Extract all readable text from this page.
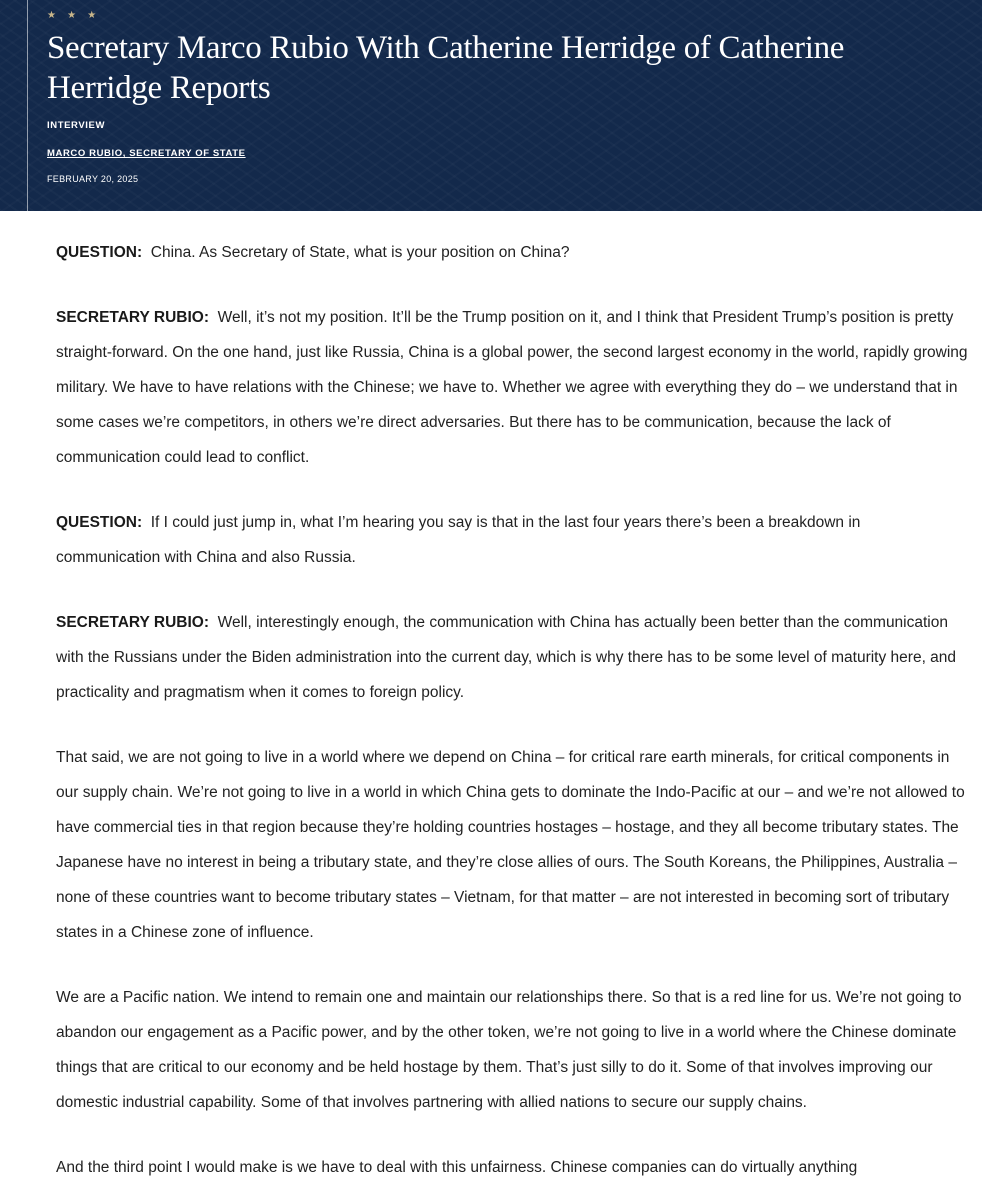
★ ★ ★
Secretary Marco Rubio With Catherine Herridge of Catherine Herridge Reports
INTERVIEW
MARCO RUBIO, SECRETARY OF STATE
FEBRUARY 20, 2025

QUESTION: China. As Secretary of State, what is your position on China?

SECRETARY RUBIO: Well, it’s not my position. It’ll be the Trump position on it, and I think that President Trump’s position is pretty straight-forward. On the one hand, just like Russia, China is a global power, the second largest economy in the world, rapidly growing military. We have to have relations with the Chinese; we have to. Whether we agree with everything they do – we understand that in some cases we’re competitors, in others we’re direct adversaries. But there has to be communication, because the lack of communication could lead to conflict.

QUESTION: If I could just jump in, what I’m hearing you say is that in the last four years there’s been a breakdown in communication with China and also Russia.

SECRETARY RUBIO: Well, interestingly enough, the communication with China has actually been better than the communication with the Russians under the Biden administration into the current day, which is why there has to be some level of maturity here, and practicality and pragmatism when it comes to foreign policy.

That said, we are not going to live in a world where we depend on China – for critical rare earth minerals, for critical components in our supply chain. We’re not going to live in a world in which China gets to dominate the Indo-Pacific at our – and we’re not allowed to have commercial ties in that region because they’re holding countries hostages – hostage, and they all become tributary states. The Japanese have no interest in being a tributary state, and they’re close allies of ours. The South Koreans, the Philippines, Australia – none of these countries want to become tributary states – Vietnam, for that matter – are not interested in becoming sort of tributary states in a Chinese zone of influence.

We are a Pacific nation. We intend to remain one and maintain our relationships there. So that is a red line for us. We’re not going to abandon our engagement as a Pacific power, and by the other token, we’re not going to live in a world where the Chinese dominate things that are critical to our economy and be held hostage by them. That’s just silly to do it. Some of that involves improving our domestic industrial capability. Some of that involves partnering with allied nations to secure our supply chains.

And the third point I would make is we have to deal with this unfairness. Chinese companies can do virtually anything
